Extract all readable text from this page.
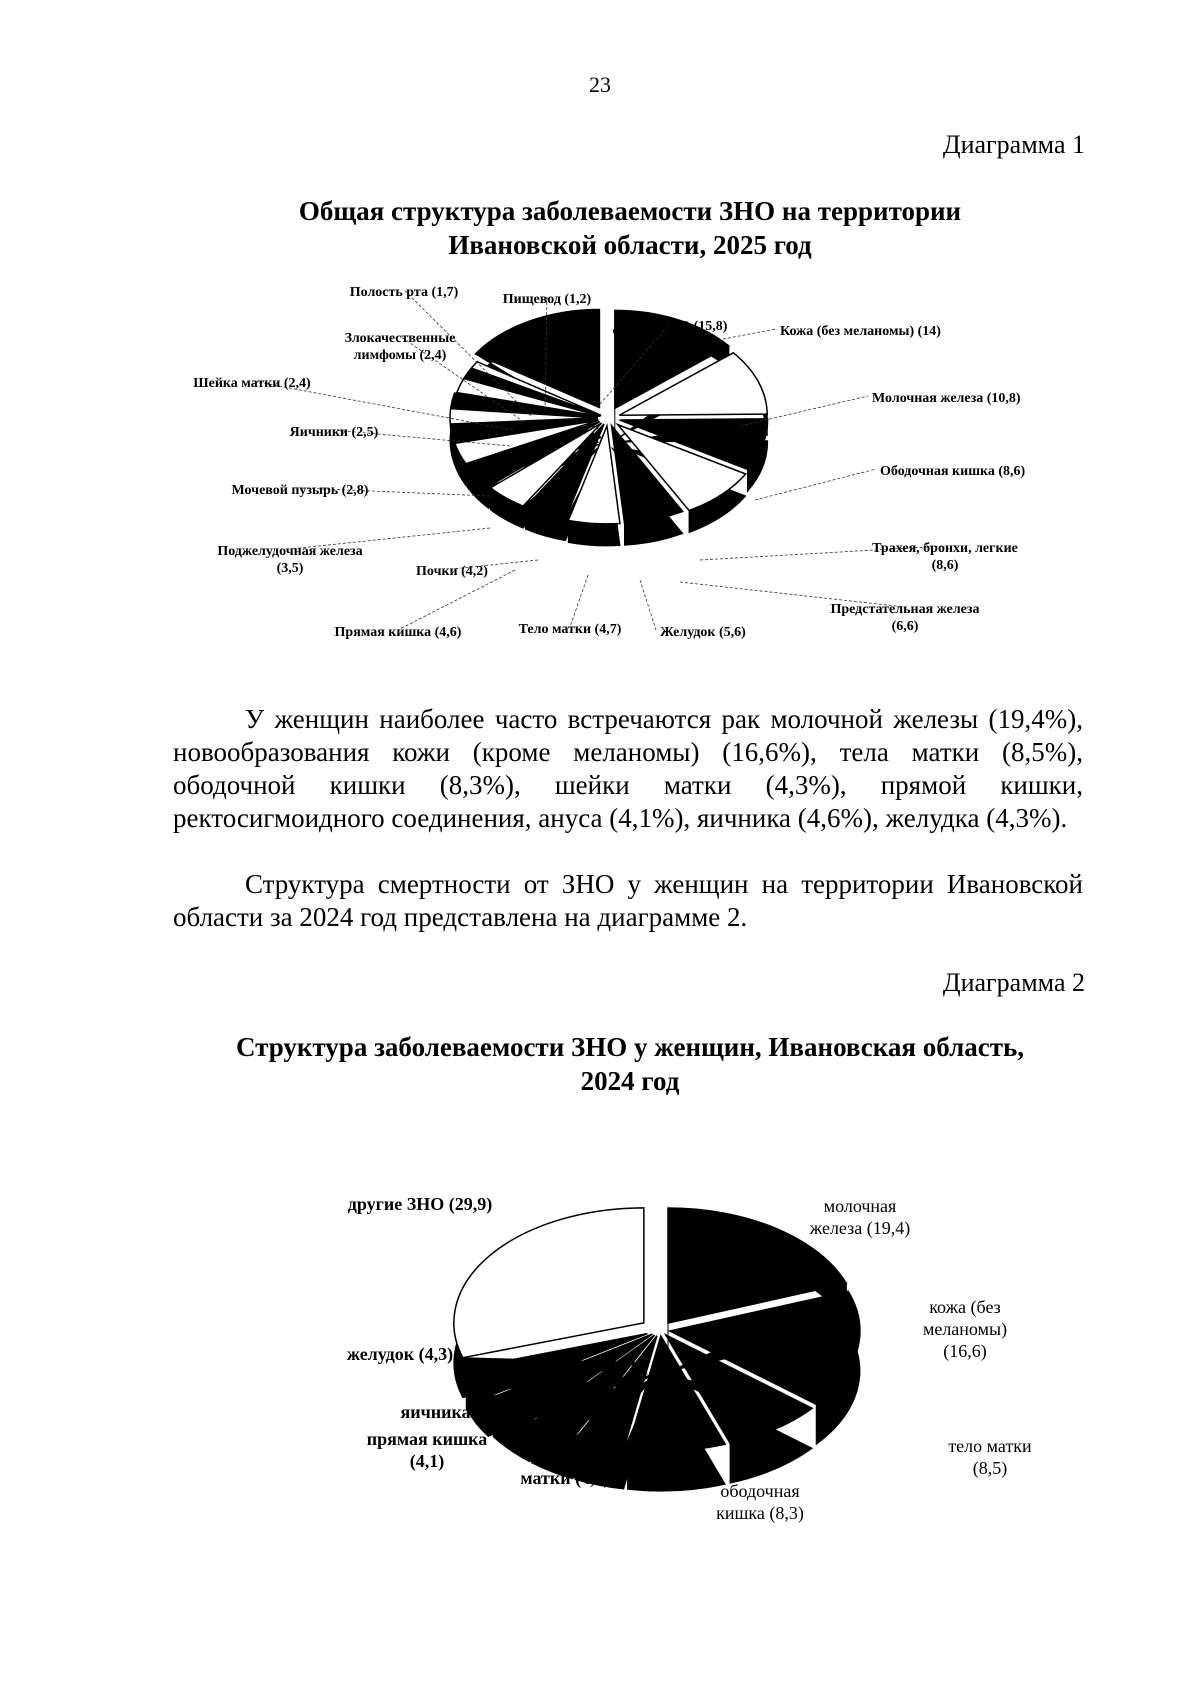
23
Диаграмма 1
Общая структура заболеваемости ЗНО на территории
Ивановской области, 2025 год
Кожа (без меланомы) (14)
Молочная железа (10,8)
Ободочная кишка (8,6)
Трахея, бронхи, легкие (8,6)
Предстательная железа (6,6)
Желудок (5,6)
Тело матки (4,7)
Прямая кишка (4,6)
Почки (4,2)
Поджелудочная железа (3,5)
Мочевой пузырь (2,8)
Яичники (2,5)
Шейка матки (2,4)
Злокачественные лимфомы (2,4)
Полость рта (1,7)	Пищевод (1,2)
Другие ЗНО (15,8)

У женщин наиболее часто встречаются рак молочной железы (19,4%), новообразования кожи (кроме меланомы) (16,6%), тела матки (8,5%), ободочной кишки (8,3%), шейки матки (4,3%), прямой кишки, ректосигмоидного соединения, ануса (4,1%), яичника (4,6%), желудка (4,3%).

Структура смертности от ЗНО у женщин на территории Ивановской области за 2024 год представлена на диаграмме 2.

Диаграмма 2
Структура заболеваемости ЗНО у женщин, Ивановская область,
2024 год
молочная железа (19,4)
кожа (без меланомы) (16,6)
тело матки (8,5)
ободочная кишка (8,3)
шейка матки (4,3)
прямая кишка (4,1)
яичника (4,6)
желудок (4,3)
другие ЗНО (29,9)
